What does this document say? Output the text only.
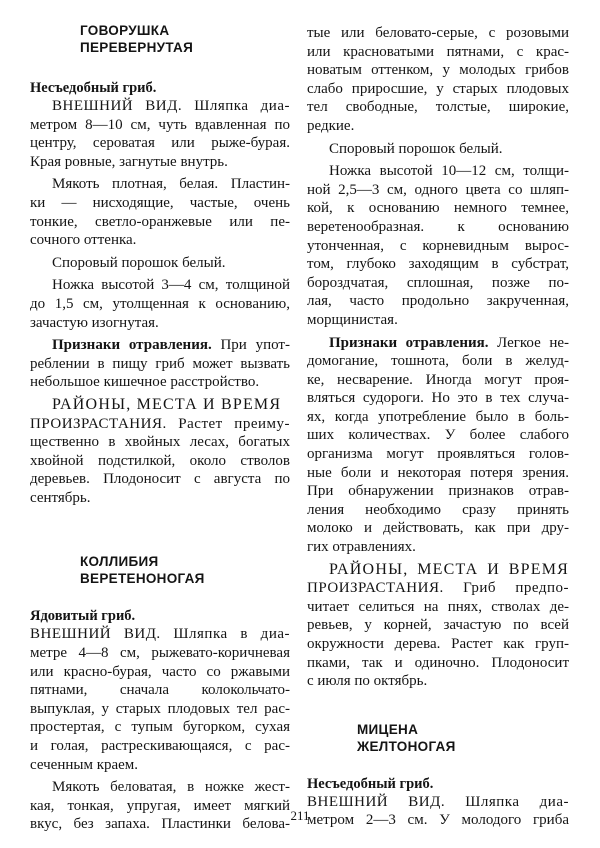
ГОВОРУШКА
ПЕРЕВЕРНУТАЯ

Несъедобный гриб.

ВНЕШНИЙ ВИД. Шляпка диа-
метром 8—10 см, чуть вдавленная по
центру, сероватая или рыже-бурая.
Края ровные, загнутые внутрь.

Мякоть плотная, белая. Пластин-
ки — нисходящие, частые, очень
тонкие, светло-оранжевые или пе-
сочного оттенка.

Споровый порошок белый.

Ножка высотой 3—4 см, толщиной
до 1,5 см, утолщенная к основанию,
зачастую изогнутая.

Признаки отравления. При упот-
реблении в пищу гриб может вызвать
небольшое кишечное расстройство.

РАЙОНЫ, МЕСТА И ВРЕМЯ

ПРОИЗРАСТАНИЯ. Растет преиму-
щественно в хвойных лесах, богатых
хвойной подстилкой, около стволов
деревьев. Плодоносит с августа по
сентябрь.

КОЛЛИБИЯ
ВЕРЕТЕНОНОГАЯ

Ядовитый гриб.

ВНЕШНИЙ ВИД. Шляпка в диа-
метре 4—8 см, рыжевато-коричневая
или красно-бурая, часто со ржавыми
пятнами, сначала колокольчато-
выпуклая, у старых плодовых тел рас-
простертая, с тупым бугорком, сухая
и голая, растрескивающаяся, с рас-
сеченным краем.

Мякоть беловатая, в ножке жест-
кая, тонкая, упругая, имеет мягкий
вкус, без запаха. Пластинки белова-

тые или беловато-серые, с розовыми
или красноватыми пятнами, с крас-
новатым оттенком, у молодых грибов
слабо приросшие, у старых плодовых
тел свободные, толстые, широкие,
редкие.

Споровый порошок белый.

Ножка высотой 10—12 см, толщи-
ной 2,5—3 см, одного цвета со шляп-
кой, к основанию немного темнее,
веретенообразная. к основанию
утонченная, с корневидным вырос-
том, глубоко заходящим в субстрат,
бороздчатая, сплошная, позже по-
лая, часто продольно закрученная,
морщинистая.

Признаки отравления. Легкое не-
домогание, тошнота, боли в желуд-
ке, несварение. Иногда могут проя-
вляться судороги. Но это в тех случа-
ях, когда употребление было в боль-
ших количествах. У более слабого
организма могут проявляться голов-
ные боли и некоторая потеря зрения.
При обнаружении признаков отрав-
ления необходимо сразу принять
молоко и действовать, как при дру-
гих отравлениях.

РАЙОНЫ, МЕСТА И ВРЕМЯ
ПРОИЗРАСТАНИЯ. Гриб предпо-
читает селиться на пнях, стволах де-
ревьев, у корней, зачастую по всей
окружности дерева. Растет как груп-
пками, так и одиночно. Плодоносит
с июля по октябрь.

МИЦЕНА
ЖЕЛТОНОГАЯ

Несъедобный гриб.

ВНЕШНИЙ ВИД. Шляпка диа-
метром 2—3 см. У молодого гриба

211
